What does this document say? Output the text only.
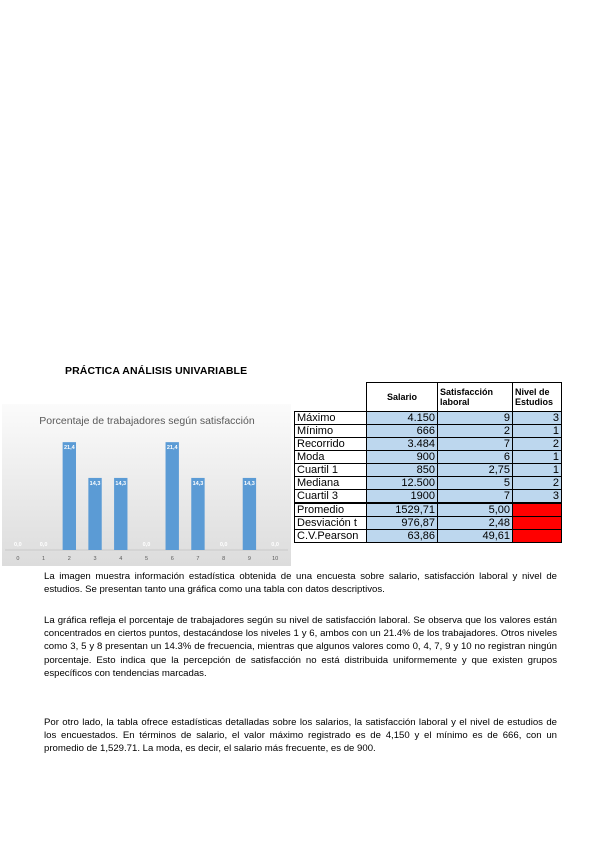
PRÁCTICA ANÁLISIS UNIVARIABLE
Porcentaje de trabajadores según satisfacción
0,0
0
0,0
1
21,4
2
14,3
3
14,3
4
0,0
5
21,4
6
14,3
7
0,0
8
14,3
9
0,0
10
	Salario	Satisfacción laboral	Nivel de Estudios
Máximo	4.150	9	3
Mínimo	666	2	1
Recorrido	3.484	7	2
Moda	900	6	1
Cuartil 1	850	2,75	1
Mediana	12.500	5	2
Cuartil 3	1900	7	3
Promedio	1529,71	5,00	
Desviación t	976,87	2,48	
C.V.Pearson	63,86	49,61	

La imagen muestra información estadística obtenida de una encuesta sobre salario, satisfacción laboral y nivel de estudios. Se presentan tanto una gráfica como una tabla con datos descriptivos.

La gráfica refleja el porcentaje de trabajadores según su nivel de satisfacción laboral. Se observa que los valores están concentrados en ciertos puntos, destacándose los niveles 1 y 6, ambos con un 21.4% de los trabajadores. Otros niveles como 3, 5 y 8 presentan un 14.3% de frecuencia, mientras que algunos valores como 0, 4, 7, 9 y 10 no registran ningún porcentaje. Esto indica que la percepción de satisfacción no está distribuida uniformemente y que existen grupos específicos con tendencias marcadas.

Por otro lado, la tabla ofrece estadísticas detalladas sobre los salarios, la satisfacción laboral y el nivel de estudios de los encuestados. En términos de salario, el valor máximo registrado es de 4,150 y el mínimo es de 666, con un promedio de 1,529.71. La moda, es decir, el salario más frecuente, es de 900.
